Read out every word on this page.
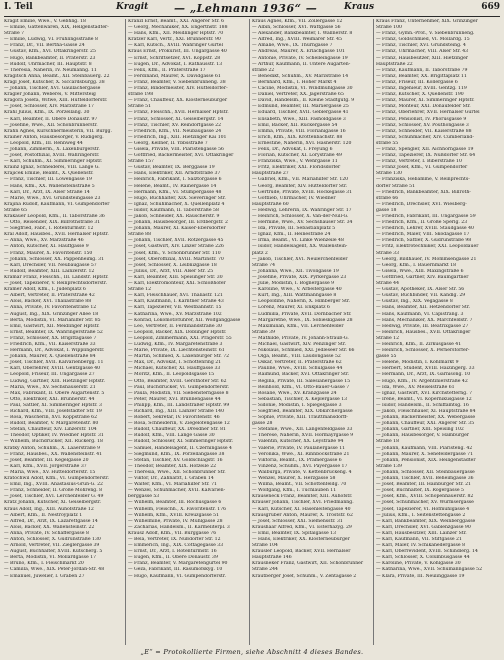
I. Teil	Kragit — „Lehmann 1936“ —	Kraus	669
Kragit Emilie, Wwe., V. Gebhlig. 18
— Emilie, Gattenwaren, XIX, Hellgenstädter-
Straße 7
— Emilie, Ludwig, VI. Frühlingsstraße 8
— Franz, Dr., VII. Bertha-Gasse 24
— Gustav, Kfm., XVI. Ottakringerstr. 25
— Hugo, Bankbeamter, II. Praterstr. 23
— Rudolf, Uhrmacher, III. Hauptstr. 8
— Theresia, Näherin, IV. Neumanng. 11
Kragitsch Anna, Beamt., XII. Steinbauerg. 22
Kragl Josef, Kutscher, X. Siccardsburgg. 38
— Johann, Tischler, XVI. Gaullachergasse
Kragler Johann, Weberei, V. Mittersteig
Kragora Josefa, Witwe, XIII. Hütteldorferstr.
— Josef, Schlosser, XIV. Märzstraße 17
Krahl Julius, Kfm., IX. Porzellang. 30
— Karl, Beamter, II. Obere Donaustr. 97
— Josefine, Wwe., XII. Schönbrunnerstr.
Krahn Agnes, Kürschnermeisterin, VII. Burgg.
Krainer Anton, Hausbesorger, V. Rüdigerg.
— Leopold, Kfm., III. Rennweg 44
— Johann, Zimmerm., X. Laxenburgerstr.
— Josef, Postoffizial, XVIII. Währingerstr.
— Karl, Schuhm., XI. Simmeringer Hptstr.
Krainz Ignaz, Schneiderei, VIII. Lange G.
Krajicek Emilie, Beamt., X. Quellenstr.
— Franz, Tischler, III. Löwengasse 19
— Hans, Kfm., XX. Wallensteinstraße 5
— Karl, Dr., Arzt, IX. Alser Straße 14
— Marie, Wwe., XVI. Grundsteingasse 23
Krajina Rudolf, Kaufmann, VI. Gumpendorfer
Straße 65
Krakauer Leopold, Kfm., II. Taborstraße 36
— Otto, Reisender, XIX. Billrothstraße 31
— Siegfried, Fabr., I. Rotenturmstr. 12
Kral Adolf, Hausbes., XVII. Hernalser Hptstr.
— Anna, Wwe., XV. Märzstraße 46
— Anton, Kutscher, XI. Hauffgasse 9
— Franz, Maurer, X. Favoritenstr. 150
— Johann, Schlosser, XX. Pappenheimg. 31
— Karl, Drechsler, VII. Neubaugasse 57
— Rudolf, Beamter, XIII. Lainzerstr. 12
Kramar Franz, Fleischh., III. Landstr. Hptstr.
— Josef, Tapezierer, V. Reinprechtsdorferstr.
Kramer Adolf, Kfm., I. Judenplatz 6
— Albert, Vertreter, II. Praterstraße 42
— Alois, Bäcker, XVI. Thaliastraße 88
— Anna, Private, IV. Favoritenstraße 12
— August, Ing., XIX. Grinzinger Allee 18
— Berta, Modistin, VI. Mariahilfer Str. 85
— Emil, Gastwirt, XII. Meidlinger Hptstr.
— Ernst, Beamter, IX. Währingerstraße 52
— Franz, Schlosser, XX. Brigittagasse 7
— Friedrich, Kfm., VII. Kaiserstraße 33
— Hermann, Dr., Advokat, I. Wipplingerstr.
— Johann, Maurer, X. Quellenstraße 84
— Josef, Tischler, XVII. Kalvarienbergg. 11
— Karl, Oberlehrer, XVIII. Gentzgasse 40
— Leopold, Friseur, III. Ungargasse 27
— Ludwig, Gärtner, XIII. Hietzinger Hptstr.
— Maria, Wwe., XV. Sechshauserstr. 21
— Max, Fabrikant, II. Obere Augartenstr. 5
— Otto, Elektriker, XXI. Brünnerstr. 44
— Paul, Sattler, XI. Simmeringer Hptstr. 3
— Richard, Kfm., VIII. Josefstädter Str. 19
— Rosa, Wäscherin, XVI. Koppstraße 62
— Rudolf, Beamter, V. Margaretenstr. 80
— Stefan, Chauffeur, XIV. Linzerstr. 104
— Theodor, Optiker, IV. Wiedner Hptstr. 31
— Wilhelm, Buchdrucker, XII. Ruckerg. 18
Kratky Anton, Schuhm., X. Laaerstraße 9
— Franz, Hausbes., XX. Wallensteinstr. 41
— Josef, Beamter, III. Kegelgasse 20
— Karl, Kfm., XVII. Jörgerstraße 37
— Maria, Wwe., XV. Hütteldorferstr. 15
Kratochwil Adolf, Kfm., VI. Gumpendorferstr.
— Emil, Ing., XVIII. Anastasius-Grün-G. 22
— Franz, Schneider, II. Große Mohreng. 8
— Josef, Tischler, XVI. Lerchenfelder G. 49
Kratz Johann, Kutscher, XI. Geiselbergstr.
Kraus Adolf, Ing., XIII. Auhofstraße 12
— Albert, Kfm., II. Nestroyplatz 1
— Alfred, Dr., Arzt, IX. Lazarettgasse 14
— Alois, Bäcker, XX. Wallensteinstr. 22
— Anna, Private, IV. Schäffergasse 8
— Anton, Schlosser, X. Gudrunstraße 130
— Arnold, Vertreter, VII. Zieglergasse 39
— August, Buchhalter, XVIII. Kutscherg. 5
— Berta, Modistin, VI. Mollardgasse 17
— Bruno, Kfm., I. Fleischmarkt 20
— Camilla, Wwe., XIX. Peter-Jordan-Str. 48
— Emanuel, Juwelier, I. Graben 27
Kranzl Ernst, Beamt., XXI. Angerer Str. 6
— Georg, Mechaniker, XX. Engerthstr. 188
— Hans, Kfm., XII. Meidlinger Hptstr. 70
Kratzer Karl, Vertr., XXI. Brünnerstr. 90
— Karl, Kutsch., XVIII. Währinger Gürtel
Kraus Ernst, Prokurist, III. Ungargasse 40
— Ernst, Schriftsetzer, XVI. Koppstr. 28
— Eugen, Dr., Advokat, I. Rathausstr. 13
— Felix, Kfm., II. Praterstraße 17
— Ferdinand, Maurer, X. Davidgasse 61
— Franz, Beamter, V. Siebenbrunneng. 38
— Franz, Bindermeister, XIV. Hütteldorfer-
straße 198
— Franz, Chauffeur, XX. Klosterneuburger
Straße 51
— Franz, Fleischh., XVII. Hernalser Hptstr.
— Franz, Schlosser, XI. Geiselbergstr. 14
— Franz, Tischler, XV. Reindorfgasse 22
— Friedrich, Kfm., VII. Neubaugasse 24
— Friedrich, Ing., XIII. Hietzinger Kai 101
— Georg, Kellner, II. Ybbsstraße 7
— Gisela, Private, VIII. Piaristengasse 56
— Gottfried, Bäckermeister, XVI. Ottakringer
Straße 157
— Gustav, Beamter, IX. Berggasse 19
— Hans, Elektriker, XII. Arndtstraße 37
— Heinrich, Fabrikant, I. Salztorgasse 6
— Helene, Beamt., IV. Rainergasse 14
— Hermann, Kfm., VI. Stumpergasse 48
— Hugo, Buchhalter, XIX. Sieveringer Str.
— Ignaz, Schuhmacher, X. Quellenplatz 4
— Isidor, Kaufmann, II. Taborstraße 58
— Jakob, Schneider, XX. Rauscherstr. 9
— Johann, Hausbesorger, III. Erdbergstr. 2
— Johann, Maurer, XI. Kaiser-Ebersdorfer
Straße 88
— Johann, Tischler, XVII. Rötzergasse 45
— Josef, Gastwirt, XIV. Linzer Straße 226
— Josef, Kfm., V. Schönbrunner Str. 110
— Josef, Oberoffizial, XVIII. Martinstr. 70
— Josef, Schlosser, X. Leibnizgasse 18
— Julius, Dr., Arzt, VIII. Alser Str. 25
— Karl, Beamter, XIII. Speisinger Str. 30
— Karl, Elektromonteur, XXI. Schloßhofer
Straße 12
— Karl, Fleischhauer, XVI. Thaliastr. 121
— Karl, Kaufmann, I. Kärntner Straße 43
— Karl, Tapezierer, VII. Westbahnstr. 15
— Katharina, Wwe., XV. Märzstraße 102
— Konrad, Lokomotivführer, XII. Wolfganggasse
— Leo, Vertreter, II. Ferdinandstraße 30
— Leopold, Bäcker, XIX. Döblinger Hptstr.
— Leopold, Zimmermann, XXI. Pragerstr. 55
— Ludwig, Kfm., IV. Margaretenstraße 3
— Marie, Private, IX. Liechtensteinstr. 61
— Martin, Schmied, X. Laxenburger Str. 72
— Max, Dr., Advokat, I. Schottenring 21
— Michael, Kutscher, XI. Hauffgasse 33
— Moritz, Kfm., II. Leopoldsgasse 15
— Otto, Beamter, XVIII. Gersthofer Str. 62
— Paul, Buchdrucker, VI. Gumpendorferstr.
— Paula, Modistin, VII. Siebensterngasse 8
— Peter, Maurer, XVI. Brunnengasse 44
— Philipp, Kfm., III. Landstraßer Hptstr. 99
— Richard, Ing., XIII. Lainzer Straße 140
— Robert, Sekretär, IV. Favoritenstr. 46
— Rosa, Schneiderin, V. Ziegelofengasse 12
— Rudolf, Chauffeur, XX. Dresdner Str. 81
— Rudolf, Kfm., VIII. Lange Gasse 30
— Rudolf, Schlosser, XI. Simmeringer Hptstr.
— Samuel, Handelsagent, II. Czerningasse 4
— Siegmund, Kfm., IX. Porzellangasse 38
— Stefan, Tischler, XV. Goldschlagstr. 16
— Theodor, Beamter, XIX. Hofzeile 22
— Theresia, Wwe., XII. Schönbrunner Str.
— Viktor, Dr., Zahnarzt, I. Graben 14
— Walter, Kfm., VI. Mariahilfer Str. 71
— Wenzel, Schuhmacher, XVII. Kalvarien-
berggasse 53
— Wilhelm, Beamter, III. Rochusgasse 6
— Wilhelm, Fleischh., X. Favoritenstr. 176
— Wilhelm, Kfm., XVIII. Kreuzgasse 51
— Wilhelmine, Private, IV. Mühlgasse 28
— Zacharias, Handelsm., II. Karmeliterpl. 3
Krausz Adolf, Kfm., VII. Burggasse 76
— Béla, Vertreter, IX. Nußdorfer Str. 12
— Emmerich, Ing., XIX. Cottagegasse 33
— Ernst, Dr., Arzt, I. Rotenturmstr. 16
— Eugen, Kfm., II. Obere Donaustr. 39
— Franz, Beamter, V. Margaretengürtel 90
— Géza, Fabrikant, III. Rasumofskyg. 10
— Hugo, Kaufmann, VI. Gumpendorferstr.
Kraus Agnes, Kfm., VII. Zollergasse 12
— Albin, Schlosser, XVI. Wattgasse 56
— Alexander, Bankbeamter, I. Wallnerstr. 8
— Alfred, Ing., XVIII. Weimarer Str. 45
— Amalie, Wwe., IX. Thurngasse 7
— Andreas, Maurer, X. Erlachgasse 101
— Antonie, Private, IV. Schelleingasse 19
— Arthur, Kaufmann, II. Untere Augarten-
straße 22
— Benedikt, Schuhm., XV. Märzstraße 14
— Bernhard, Kfm., I. Hoher Markt 4
— Cäcilie, Modistin, VI. Windmühlgasse 30
— Daniel, Vertreter, XX. Jägerstraße 65
— David, Handelsm., II. Kleine Stadtgutg. 9
— Edmund, Beamter, III. Marxergasse 25
— Eduard, Tischler, XVII. Geblergasse 41
— Elisabeth, Wwe., XIII. Fasholdgasse 3
— Emil, Bäcker, XII. Ruckergasse 54
— Emma, Private, VIII. Florianigasse 16
— Erich, Kfm., XIX. Krottenbachstr. 88
— Ernestine, Näherin, XVI. Hasnerstr. 120
— Felix, Dr., Advokat, I. Freyung 6
— Florian, Kutscher, XI. Lorystraße 49
— Franziska, Wwe., V. Wehrgasse 11
— Fritz, Elektriker, XXI. Floridsdorfer
Hauptstraße 27
— Gabriel, Kfm., VII. Mariahilfer Str. 120
— Georg, Beamter, XIV. Hütteldorfer Str.
— Gertrude, Private, XVIII. Hockegasse 31
— Gottlieb, Uhrmacher, IV. Wiedner
Hauptstraße 60
— Hedwig, Lehrerin, IX. Währinger Str. 17
— Heinrich, Schlosser, X. Van-der-Nüll-G.
— Hermine, Wwe., XV. Sechshauser Str. 34
— Ida, Private, III. Sebastianplatz 5
— Ignaz, Kfm., II. Heinestraße 24
— Irma, Beamt., VI. Linke Wienzeile 48
— Isidor, Handelsagent, XX. Wallenstein-
platz 2
— Jakob, Tischler, XVI. Neulerchenfelder
Straße 74
— Johanna, Wwe., XII. Tivoligasse 19
— Josefine, Private, XIX. Pyrkergasse 23
— Julie, Modistin, I. Bognergasse 9
— Karoline, Wwe., V. Arbeitergasse 40
— Kurt, Ing., XIII. Wattmanngasse 8
— Leopoldine, Näherin, X. Himberger Str.
— Lorenz, Maurer, XI. Enkplatz 6
— Ludmilla, Private, XVII. Dornbacher Str.
— Margarethe, Wwe., IX. Sobieskigasse 28
— Maximilian, Kfm., VII. Lerchenfelder
Straße 39
— Mathilde, Private, IV. Johann-Strauß-G.
— Michael, Gastwirt, XIV. Penzinger Str.
— Nikolaus, Schmied, XXI. Jedleseer Str. 66
— Olga, Beamt., VIII. Laudongasse 52
— Oskar, Vertreter, II. Praterstraße 62
— Pauline, Wwe., XVIII. Schulgasse 44
— Raimund, Bäcker, XVI. Ottakringer Str.
— Regina, Private, III. Salesianergasse 15
— Reinhold, Kfm., VI. Otto-Bauer-Gasse 7
— Rosalie, Wwe., XV. Kranzgasse 24
— Sebastian, Tischler, X. Keplergasse 13
— Sidonie, Modistin, I. Spiegelgasse 3
— Siegfried, Beamter, XIX. Obkirchergasse
— Sophie, Private, XIII. Trauttmansdorff-
gasse 28
— Stefanie, Wwe., XII. Längenfeldgasse 33
— Therese, Näherin, XVII. Hormayrgasse 9
— Valentin, Kutscher, XX. Leystraße 94
— Valerie, Private, IV. Paulanergasse 11
— Veronika, Wwe., XI. Rinnböckstraße 21
— Viktoria, Beamt., IX. Pramergasse 6
— Vinzenz, Schuhm., XVI. Payergasse 17
— Walburga, Private, V. Kettenbrückeng. 4
— Wenzel, Maurer, X. Herzgasse 58
— Wilma, Beamt., VII. Schottenfeldg. 70
— Wolfgang, Kfm., I. Tuchlauben 11
Krauseneck Franz, Beamter, XIII. Auhofstr.
Krauser Johann, Tischler, XVI. Friedmanng.
— Karl, Kutscher, XI. Hasenleitengasse 40
Krausgruber Anton, Maurer, X. Troststr. 62
— Josef, Schlosser, XXI. Siemensstr. 31
Kraushaar Alfred, Kfm., VI. Esterhazyg. 29
— Emil, Beamter, IX. Spitalgasse 13
— Hans, Elektriker, XX. Klosterneuburger
Straße 104
Krausler Leopold, Bäcker, XVII. Hernalser
Hauptstraße 146
Krausneker Franz, Gastwirt, XII. Schönbrunner
Straße 244
Krautberger Josef, Schuhm., V. Zentagasse 2
Kraus Franz, Unternehmer, XIX. Grinzinger
Straße 100
— Franz, Gymn.-Prof., V. Siebenbrunneng.
— Franz, Goldschmied, VI. Mollardg. 15
— Franz, Tischler, XVI. Grundsteing. 4
— Franz, Uhrmacher, VIII. Alser Str. 43
— Franz, Hausbesitzer, XIII. Hietzinger
Hauptstraße 22
— Franz, Kaufmann, II. Taborstraße 79
— Franz, Beamter, XX. Brigittaplatz 11
— Franz, Friseur, III. Kollergasse 6
— Franz, Ingenieur, XVIII. Gentzg. 119
— Franz, Kutscher, X. Quellenstr. 190
— Franz, Maurer, XI. Simmeringer Hptstr.
— Franz, Monteur, XXI. Donaufelder Str.
— Franz, Oberlehrer, XVII. Hernalser Gürtel
— Franz, Pensionist, IV. Phorusgasse 9
— Franz, Schlosser, XV. Pouthongasse 3
— Franz, Schneider, VII. Kaiserstraße 88
— Franz, Schuhmacher, XIV. Cumberland-
straße 55
— Franz, Spengler, XII. Aichhorngasse 19
— Franz, Tapezierer, IX. Nußdorfer Str. 64
— Franz, Vertreter, I. Biberstraße 10
— Franz Josef, Kfm., VI. Gumpendorfer
Straße 130
— Franziska, Hebamme, V. Reinprechts-
dorfer Straße 51
— Friedrich, Bankbeamter, XIX. Billroth-
straße 66
— Friedrich, Drechsler, XVI. Wiesberg-
gasse 18
— Friedrich, Fabrikant, III. Ungargasse 59
— Friedrich, Kfm., II. Große Sperlg. 23
— Friedrich, Lehrer, XVIII. Staudgasse 40
— Friedrich, Maler, VIII. Skodagasse 17
— Friedrich, Sattler, X. Gudrunstraße 98
— Fritz, Elektrotechniker, XXI. Leopoldauer
Straße 33
— Georg, Bildhauer, IV. Mommsengasse 21
— Georg, Kfm., I. Bauernmarkt 18
— Gisela, Wwe., XIII. Maxingstraße 6
— Gottfried, Gärtner, XIV. Baumgartner
Straße 44
— Gustav, Apotheker, IX. Alser Str. 56
— Gustav, Buchbinder, VII. Kandlg. 29
— Gustav, Ing., XIX. Vegagasse 8
— Hans, Beamter, XII. Hetzendorfer Str.
— Hans, Kaufmann, VI. Capistrang. 3
— Hans, Mechaniker, XX. Marchfeldstr. 7
— Hedwig, Private, III. Beatrixgasse 27
— Heinrich, Hausbes., XVII. Ottakringer
Straße 12
— Heinrich, Kfm., II. Zirkusgasse 41
— Heinrich, Schlosser, X. Pernerstorfer-
gasse 55
— Helene, Modistin, I. Kohlmarkt 9
— Herbert, Student, XVIII. Haizingerg. 33
— Hermann, Dr., Arzt, IX. Garnisong. 10
— Hugo, Kfm., IV. Argentinierstraße 42
— Ida, Wwe., XV. Meiselstraße 61
— Ignaz, Gastwirt, XVI. Kirchstetterng. 7
— Irene, Beamt., VI. Kopernikusgasse 12
— Isidor, Handelsm., II. Schiffamtsg. 16
— Jakob, Fleischhauer, XI. Hauptstraße 84
— Johann, Bäckermeister, XX. Webergasse
— Johann, Chauffeur, XXI. Angerer Str. 35
— Johann, Gärtner, XIII. Speising 102
— Johann, Hausbesorger, V. Hamburger
Straße 18
— Johann, Kaufmann, VIII. Piaristeng. 42
— Johann, Maurer, X. Senefeldergasse 71
— Johann, Pensionist, XIX. Heiligenstädter
Straße 139
— Johann, Schlosser, XII. Steinbauergasse
— Johann, Tischler, XVII. Beheimgasse 36
— Josef, Beamter, III. Hainburger Str. 21
— Josef, Buchhalter, IX. Rögergasse 5
— Josef, Kfm., XVIII. Schopenhauerstr. 82
— Josef, Schuhmacher, XV. Wurmsergasse
— Josef, Tapezierer, VI. Hofmühlgasse 4
— Julius, Kfm., I. Seitenstettengasse 2
— Karl, Bankbeamter, XIX. Weinberggasse
— Karl, Drechsler, XVI. Gablenzgasse 90
— Karl, Hausbesitzer, XIII. Lainzer Str.
— Karl, Kaufmann, VII. Stiftgasse 21
— Karl, Maler, IV. Schikanedergasse 8
— Karl, Oberrevident, XVIII. Schindlerg. 14
— Karl, Schlosser, X. Columbusgasse 44
— Karoline, Private, V. Kohlgasse 30
— Katharina, Wwe., XVII. Schumanngasse 52
— Klara, Private, III. Neulinggasse 19
„E“ = Protokollierte Firmen, siehe Abschnitt 4 dieses Bandes.
